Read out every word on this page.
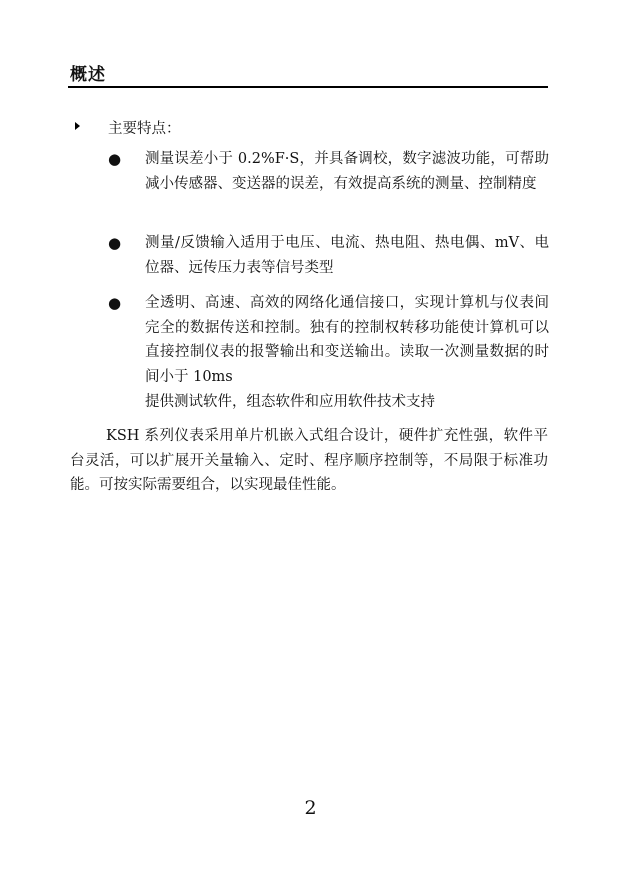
概述
主要特点：
● 测量误差小于 0.2%F·S，并具备调校，数字滤波功能，可帮助减小传感器、变送器的误差，有效提高系统的测量、控制精度
● 测量/反馈输入适用于电压、电流、热电阻、热电偶、mV、电位器、远传压力表等信号类型
● 全透明、高速、高效的网络化通信接口，实现计算机与仪表间完全的数据传送和控制。独有的控制权转移功能使计算机可以直接控制仪表的报警输出和变送输出。读取一次测量数据的时间小于 10ms
提供测试软件，组态软件和应用软件技术支持
KSH 系列仪表采用单片机嵌入式组合设计，硬件扩充性强，软件平台灵活，可以扩展开关量输入、定时、程序顺序控制等，不局限于标准功能。可按实际需要组合，以实现最佳性能。
2
